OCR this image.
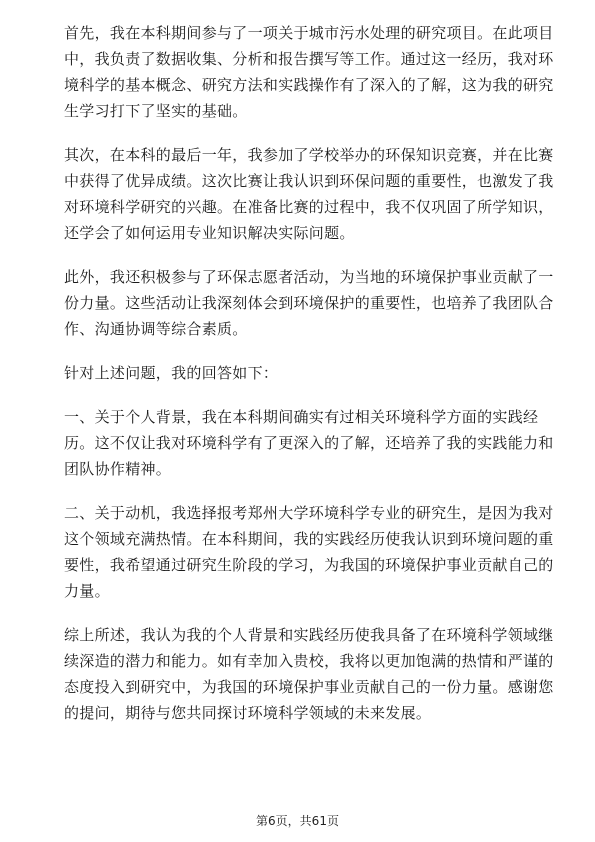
首先，我在本科期间参与了一项关于城市污水处理的研究项目。在此项目中，我负责了数据收集、分析和报告撰写等工作。通过这一经历，我对环境科学的基本概念、研究方法和实践操作有了深入的了解，这为我的研究生学习打下了坚实的基础。

其次，在本科的最后一年，我参加了学校举办的环保知识竞赛，并在比赛中获得了优异成绩。这次比赛让我认识到环保问题的重要性，也激发了我对环境科学研究的兴趣。在准备比赛的过程中，我不仅巩固了所学知识，还学会了如何运用专业知识解决实际问题。

此外，我还积极参与了环保志愿者活动，为当地的环境保护事业贡献了一份力量。这些活动让我深刻体会到环境保护的重要性，也培养了我团队合作、沟通协调等综合素质。

针对上述问题，我的回答如下：

一、关于个人背景，我在本科期间确实有过相关环境科学方面的实践经历。这不仅让我对环境科学有了更深入的了解，还培养了我的实践能力和团队协作精神。

二、关于动机，我选择报考郑州大学环境科学专业的研究生，是因为我对这个领域充满热情。在本科期间，我的实践经历使我认识到环境问题的重要性，我希望通过研究生阶段的学习，为我国的环境保护事业贡献自己的力量。

综上所述，我认为我的个人背景和实践经历使我具备了在环境科学领域继续深造的潜力和能力。如有幸加入贵校，我将以更加饱满的热情和严谨的态度投入到研究中，为我国的环境保护事业贡献自己的一份力量。感谢您的提问，期待与您共同探讨环境科学领域的未来发展。

第6页，共61页
